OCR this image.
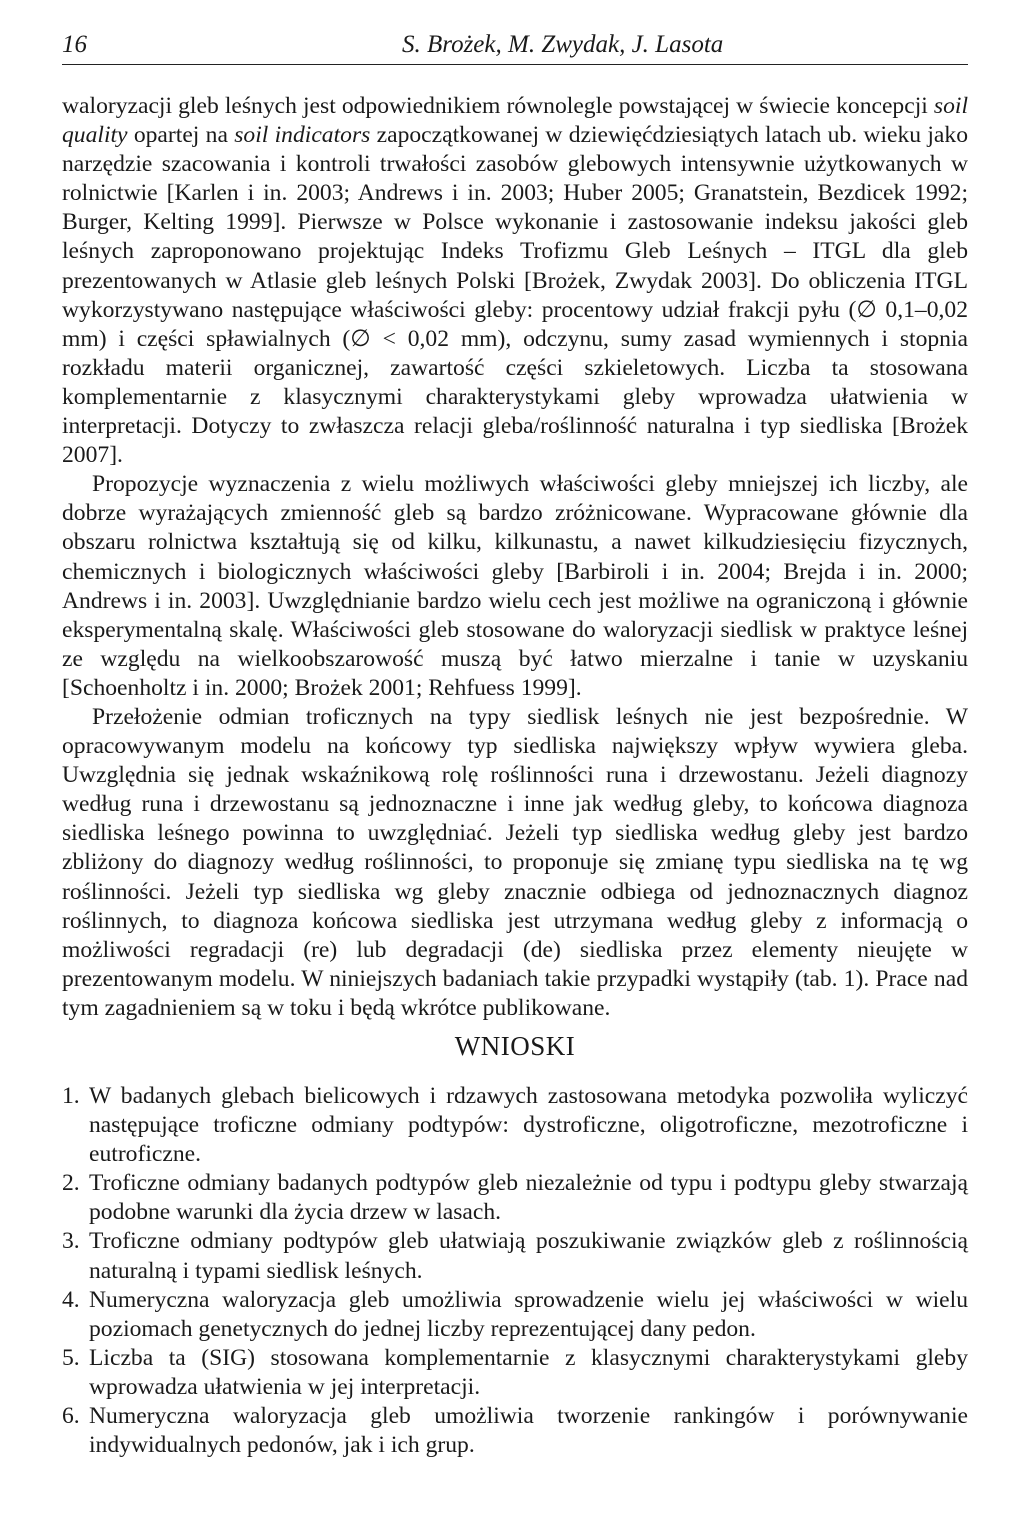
16	S. Brożek, M. Zwydak, J. Lasota

waloryzacji gleb leśnych jest odpowiednikiem równolegle powstającej w świecie koncepcji soil quality opartej na soil indicators zapoczątkowanej w dziewięćdziesiątych latach ub. wieku jako narzędzie szacowania i kontroli trwałości zasobów glebowych intensywnie użytkowanych w rolnictwie [Karlen i in. 2003; Andrews i in. 2003; Huber 2005; Granatstein, Bezdicek 1992; Burger, Kelting 1999]. Pierwsze w Polsce wykonanie i zastosowanie indeksu jakości gleb leśnych zaproponowano projektując Indeks Trofizmu Gleb Leśnych – ITGL dla gleb prezentowanych w Atlasie gleb leśnych Polski [Brożek, Zwydak 2003]. Do obliczenia ITGL wykorzystywano następujące właściwości gleby: procentowy udział frakcji pyłu (∅ 0,1–0,02 mm) i części spławialnych (∅ < 0,02 mm), odczynu, sumy zasad wymiennych i stopnia rozkładu materii organicznej, zawartość części szkieletowych. Liczba ta stosowana komplementarnie z klasycznymi charakterystykami gleby wprowadza ułatwienia w interpretacji. Dotyczy to zwłaszcza relacji gleba/roślinność naturalna i typ siedliska [Brożek 2007].

Propozycje wyznaczenia z wielu możliwych właściwości gleby mniejszej ich liczby, ale dobrze wyrażających zmienność gleb są bardzo zróżnicowane. Wypracowane głównie dla obszaru rolnictwa kształtują się od kilku, kilkunastu, a nawet kilkudziesięciu fizycznych, chemicznych i biologicznych właściwości gleby [Barbiroli i in. 2004; Brejda i in. 2000; Andrews i in. 2003]. Uwzględnianie bardzo wielu cech jest możliwe na ograniczoną i głównie eksperymentalną skalę. Właściwości gleb stosowane do waloryzacji siedlisk w praktyce leśnej ze względu na wielkoobszarowość muszą być łatwo mierzalne i tanie w uzyskaniu [Schoenholtz i in. 2000; Brożek 2001; Rehfuess 1999].

Przełożenie odmian troficznych na typy siedlisk leśnych nie jest bezpośrednie. W opracowywanym modelu na końcowy typ siedliska największy wpływ wywiera gleba. Uwzględnia się jednak wskaźnikową rolę roślinności runa i drzewostanu. Jeżeli diagnozy według runa i drzewostanu są jednoznaczne i inne jak według gleby, to końcowa diagnoza siedliska leśnego powinna to uwzględniać. Jeżeli typ siedliska według gleby jest bardzo zbliżony do diagnozy według roślinności, to proponuje się zmianę typu siedliska na tę wg roślinności. Jeżeli typ siedliska wg gleby znacznie odbiega od jednoznacznych diagnoz roślinnych, to diagnoza końcowa siedliska jest utrzymana według gleby z informacją o możliwości regradacji (re) lub degradacji (de) siedliska przez elementy nieujęte w prezentowanym modelu. W niniejszych badaniach takie przypadki wystąpiły (tab. 1). Prace nad tym zagadnieniem są w toku i będą wkrótce publikowane.

WNIOSKI
1. W badanych glebach bielicowych i rdzawych zastosowana metodyka pozwoliła wyliczyć następujące troficzne odmiany podtypów: dystroficzne, oligotroficzne, mezotroficzne i eutroficzne.
2. Troficzne odmiany badanych podtypów gleb niezależnie od typu i podtypu gleby stwarzają podobne warunki dla życia drzew w lasach.
3. Troficzne odmiany podtypów gleb ułatwiają poszukiwanie związków gleb z roślinnością naturalną i typami siedlisk leśnych.
4. Numeryczna waloryzacja gleb umożliwia sprowadzenie wielu jej właściwości w wielu poziomach genetycznych do jednej liczby reprezentującej dany pedon.
5. Liczba ta (SIG) stosowana komplementarnie z klasycznymi charakterystykami gleby wprowadza ułatwienia w jej interpretacji.
6. Numeryczna waloryzacja gleb umożliwia tworzenie rankingów i porównywanie indywidualnych pedonów, jak i ich grup.
